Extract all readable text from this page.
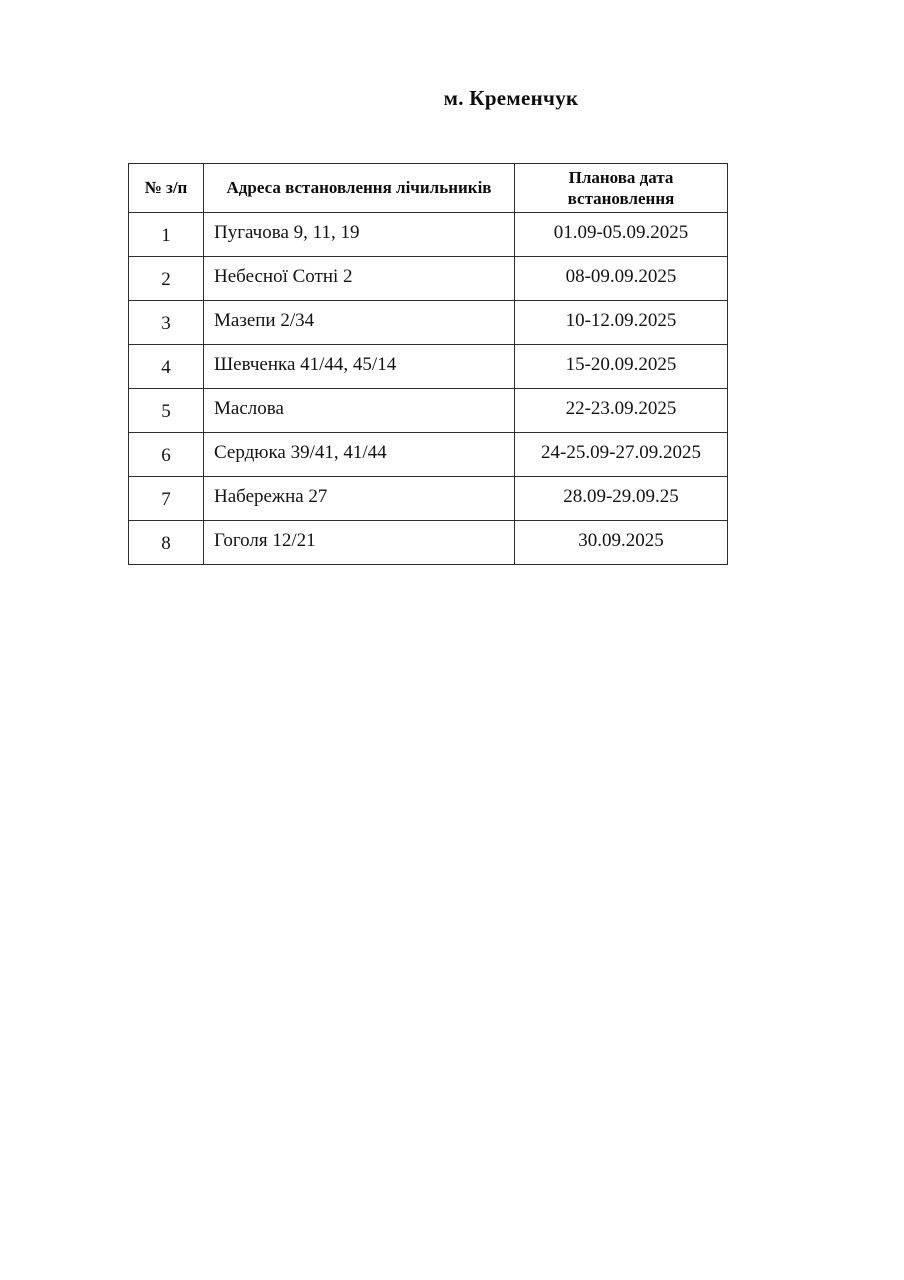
м. Кременчук
№ з/п	Адреса встановлення лічильників	Планова дата встановлення
1	Пугачова 9, 11, 19	01.09-05.09.2025
2	Небесної Сотні 2	08-09.09.2025
3	Мазепи 2/34	10-12.09.2025
4	Шевченка 41/44, 45/14	15-20.09.2025
5	Маслова	22-23.09.2025
6	Сердюка 39/41, 41/44	24-25.09-27.09.2025
7	Набережна 27	28.09-29.09.25
8	Гоголя 12/21	30.09.2025
